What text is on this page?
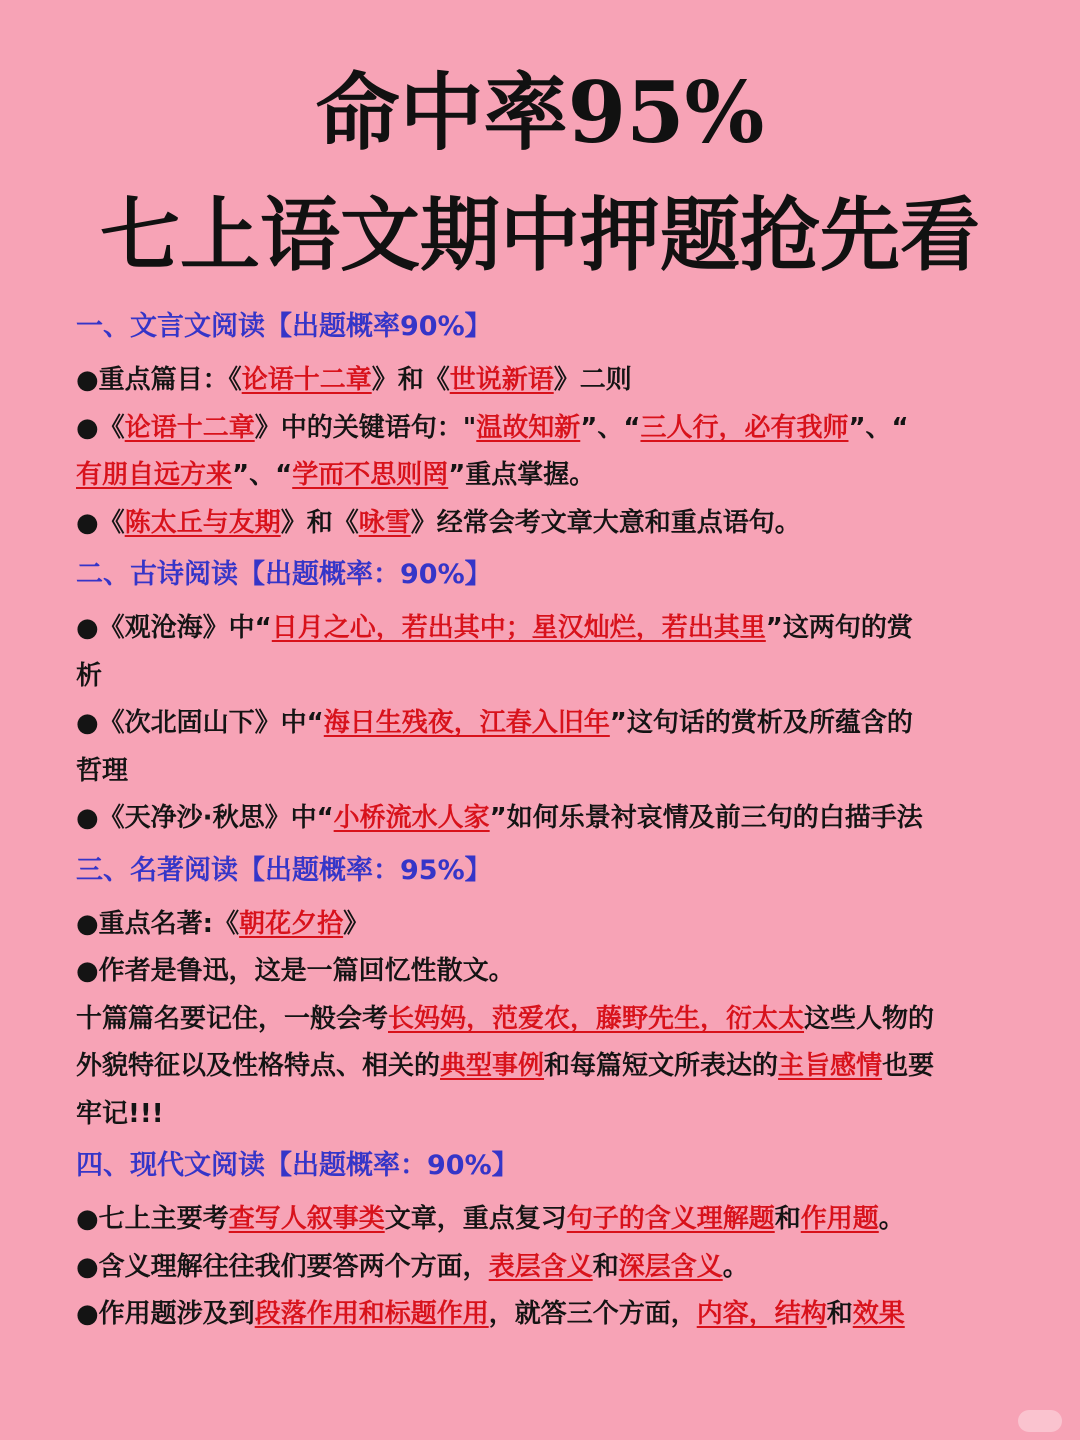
命中率95%
七上语文期中押题抢先看
一、文言文阅读【出题概率90%】
●重点篇目：《论语十二章》和《世说新语》二则
●《论语十二章》中的关键语句："温故知新”、“三人行，必有我师”、“
有朋自远方来”、“学而不思则罔”重点掌握。
●《陈太丘与友期》和《咏雪》经常会考文章大意和重点语句。
二、古诗阅读【出题概率：90%】
●《观沧海》中“日月之心，若出其中；星汉灿烂，若出其里”这两句的赏
析
●《次北固山下》中“海日生残夜，江春入旧年”这句话的赏析及所蕴含的
哲理
●《天净沙·秋思》中“小桥流水人家”如何乐景衬哀情及前三句的白描手法
三、名著阅读【出题概率：95%】
●重点名著:《朝花夕拾》
●作者是鲁迅，这是一篇回忆性散文。
十篇篇名要记住，一般会考长妈妈，范爱农，藤野先生，衍太太这些人物的
外貌特征以及性格特点、相关的典型事例和每篇短文所表达的主旨感情也要
牢记!!!
四、现代文阅读【出题概率：90%】
●七上主要考查写人叙事类文章，重点复习句子的含义理解题和作用题。
●含义理解往往我们要答两个方面，表层含义和深层含义。
●作用题涉及到段落作用和标题作用，就答三个方面，内容，结构和效果
